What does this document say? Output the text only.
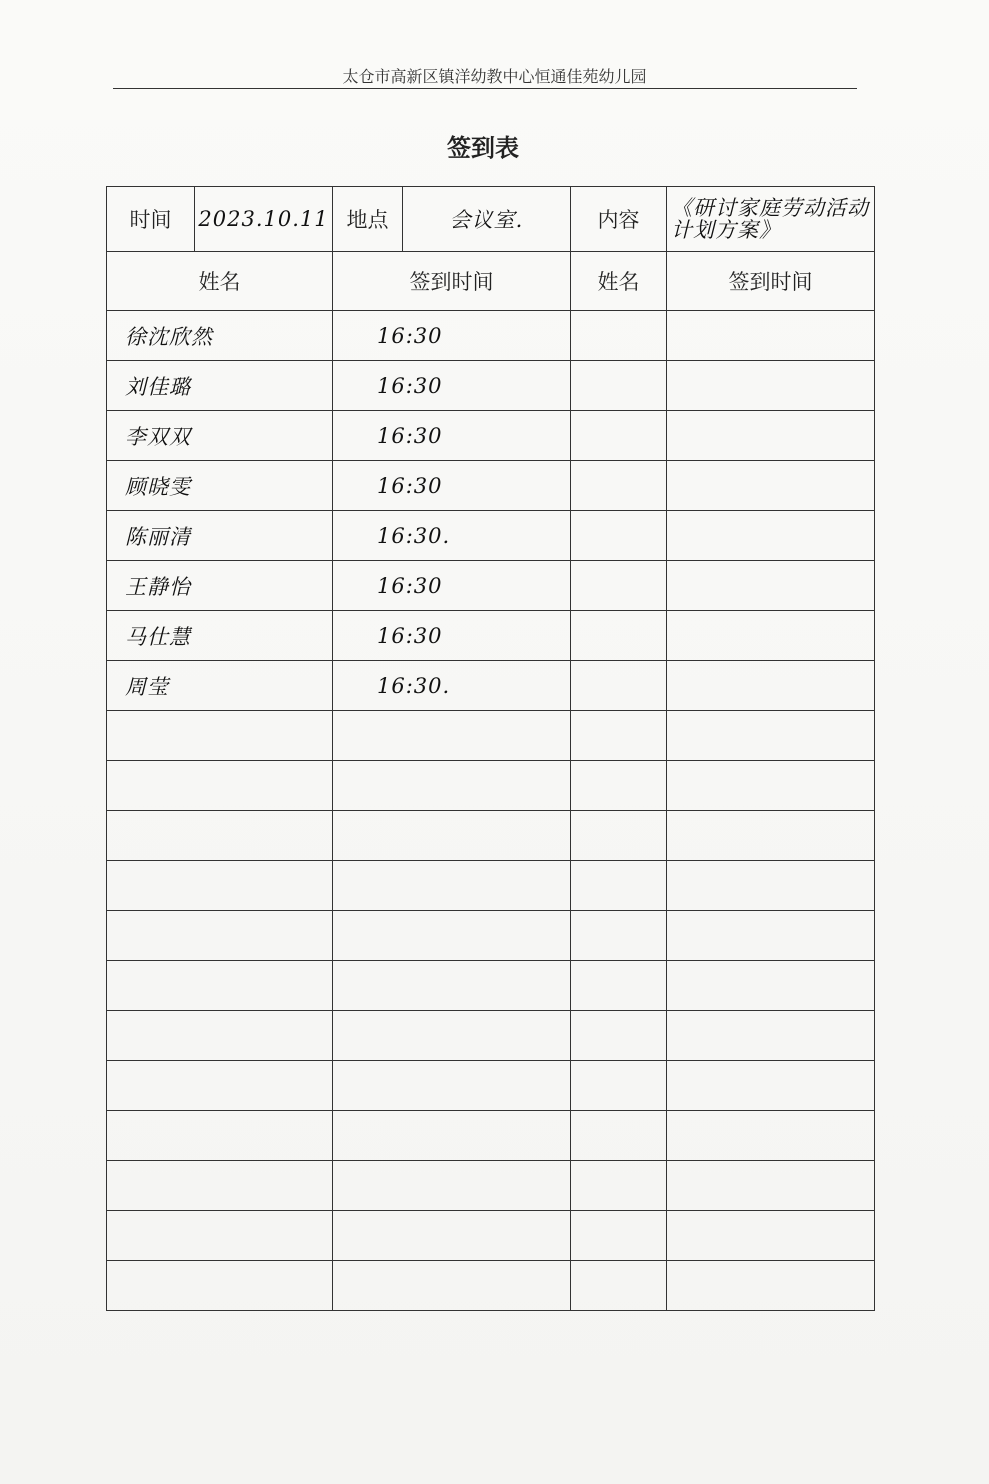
太仓市高新区镇洋幼教中心恒通佳苑幼儿园
签到表
时间	2023.10.11	地点	会议室.	内容	《研讨家庭劳动活动计划方案》
姓名		签到时间		姓名	签到时间
徐沈欣然		16:30			
刘佳璐		16:30			
李双双		16:30			
顾晓雯		16:30			
陈丽清		16:30.			
王静怡		16:30			
马仕慧		16:30			
周莹		16:30.			
